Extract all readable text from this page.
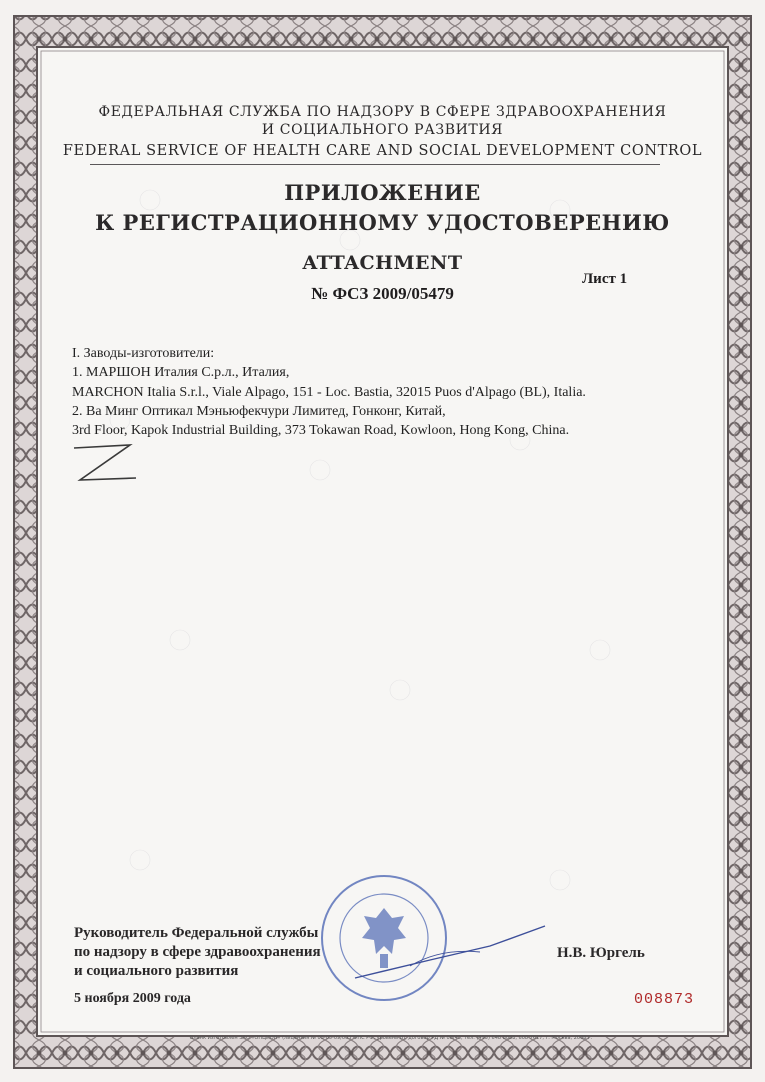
ФЕДЕРАЛЬНАЯ СЛУЖБА ПО НАДЗОРУ В СФЕРЕ ЗДРАВООХРАНЕНИЯ
И СОЦИАЛЬНОГО РАЗВИТИЯ
FEDERAL SERVICE OF HEALTH CARE AND SOCIAL DEVELOPMENT CONTROL
ПРИЛОЖЕНИЕ
К РЕГИСТРАЦИОННОМУ УДОСТОВЕРЕНИЮ
ATTACHMENT
№ ФСЗ 2009/05479
Лист 1
I. Заводы-изготовители:
1. МАРШОН Италия С.р.л., Италия,
MARCHON Italia S.r.l., Viale Alpago, 151 - Loc. Bastia, 32015 Puos d'Alpago (BL), Italia.
2. Ва Минг Оптикал Мэньюфекчури Лимитед, Гонконг, Китай,
3rd Floor, Kapok Industrial Building, 373 Tokawan Road, Kowloon, Hong Kong, China.
Руководитель Федеральной службы
по надзору в сфере здравоохранения
и социального развития
5 ноября 2009 года
Н.В. Юргель
008873
Бланк изготовлен ЗАО «ОПЦИОН» (лицензия № 05-05-09/003 ФНС РФ, уровень В), договор РД № 08/43, тел. (495) 648 8088, 608 7617, г. Москва, 2008 г.
